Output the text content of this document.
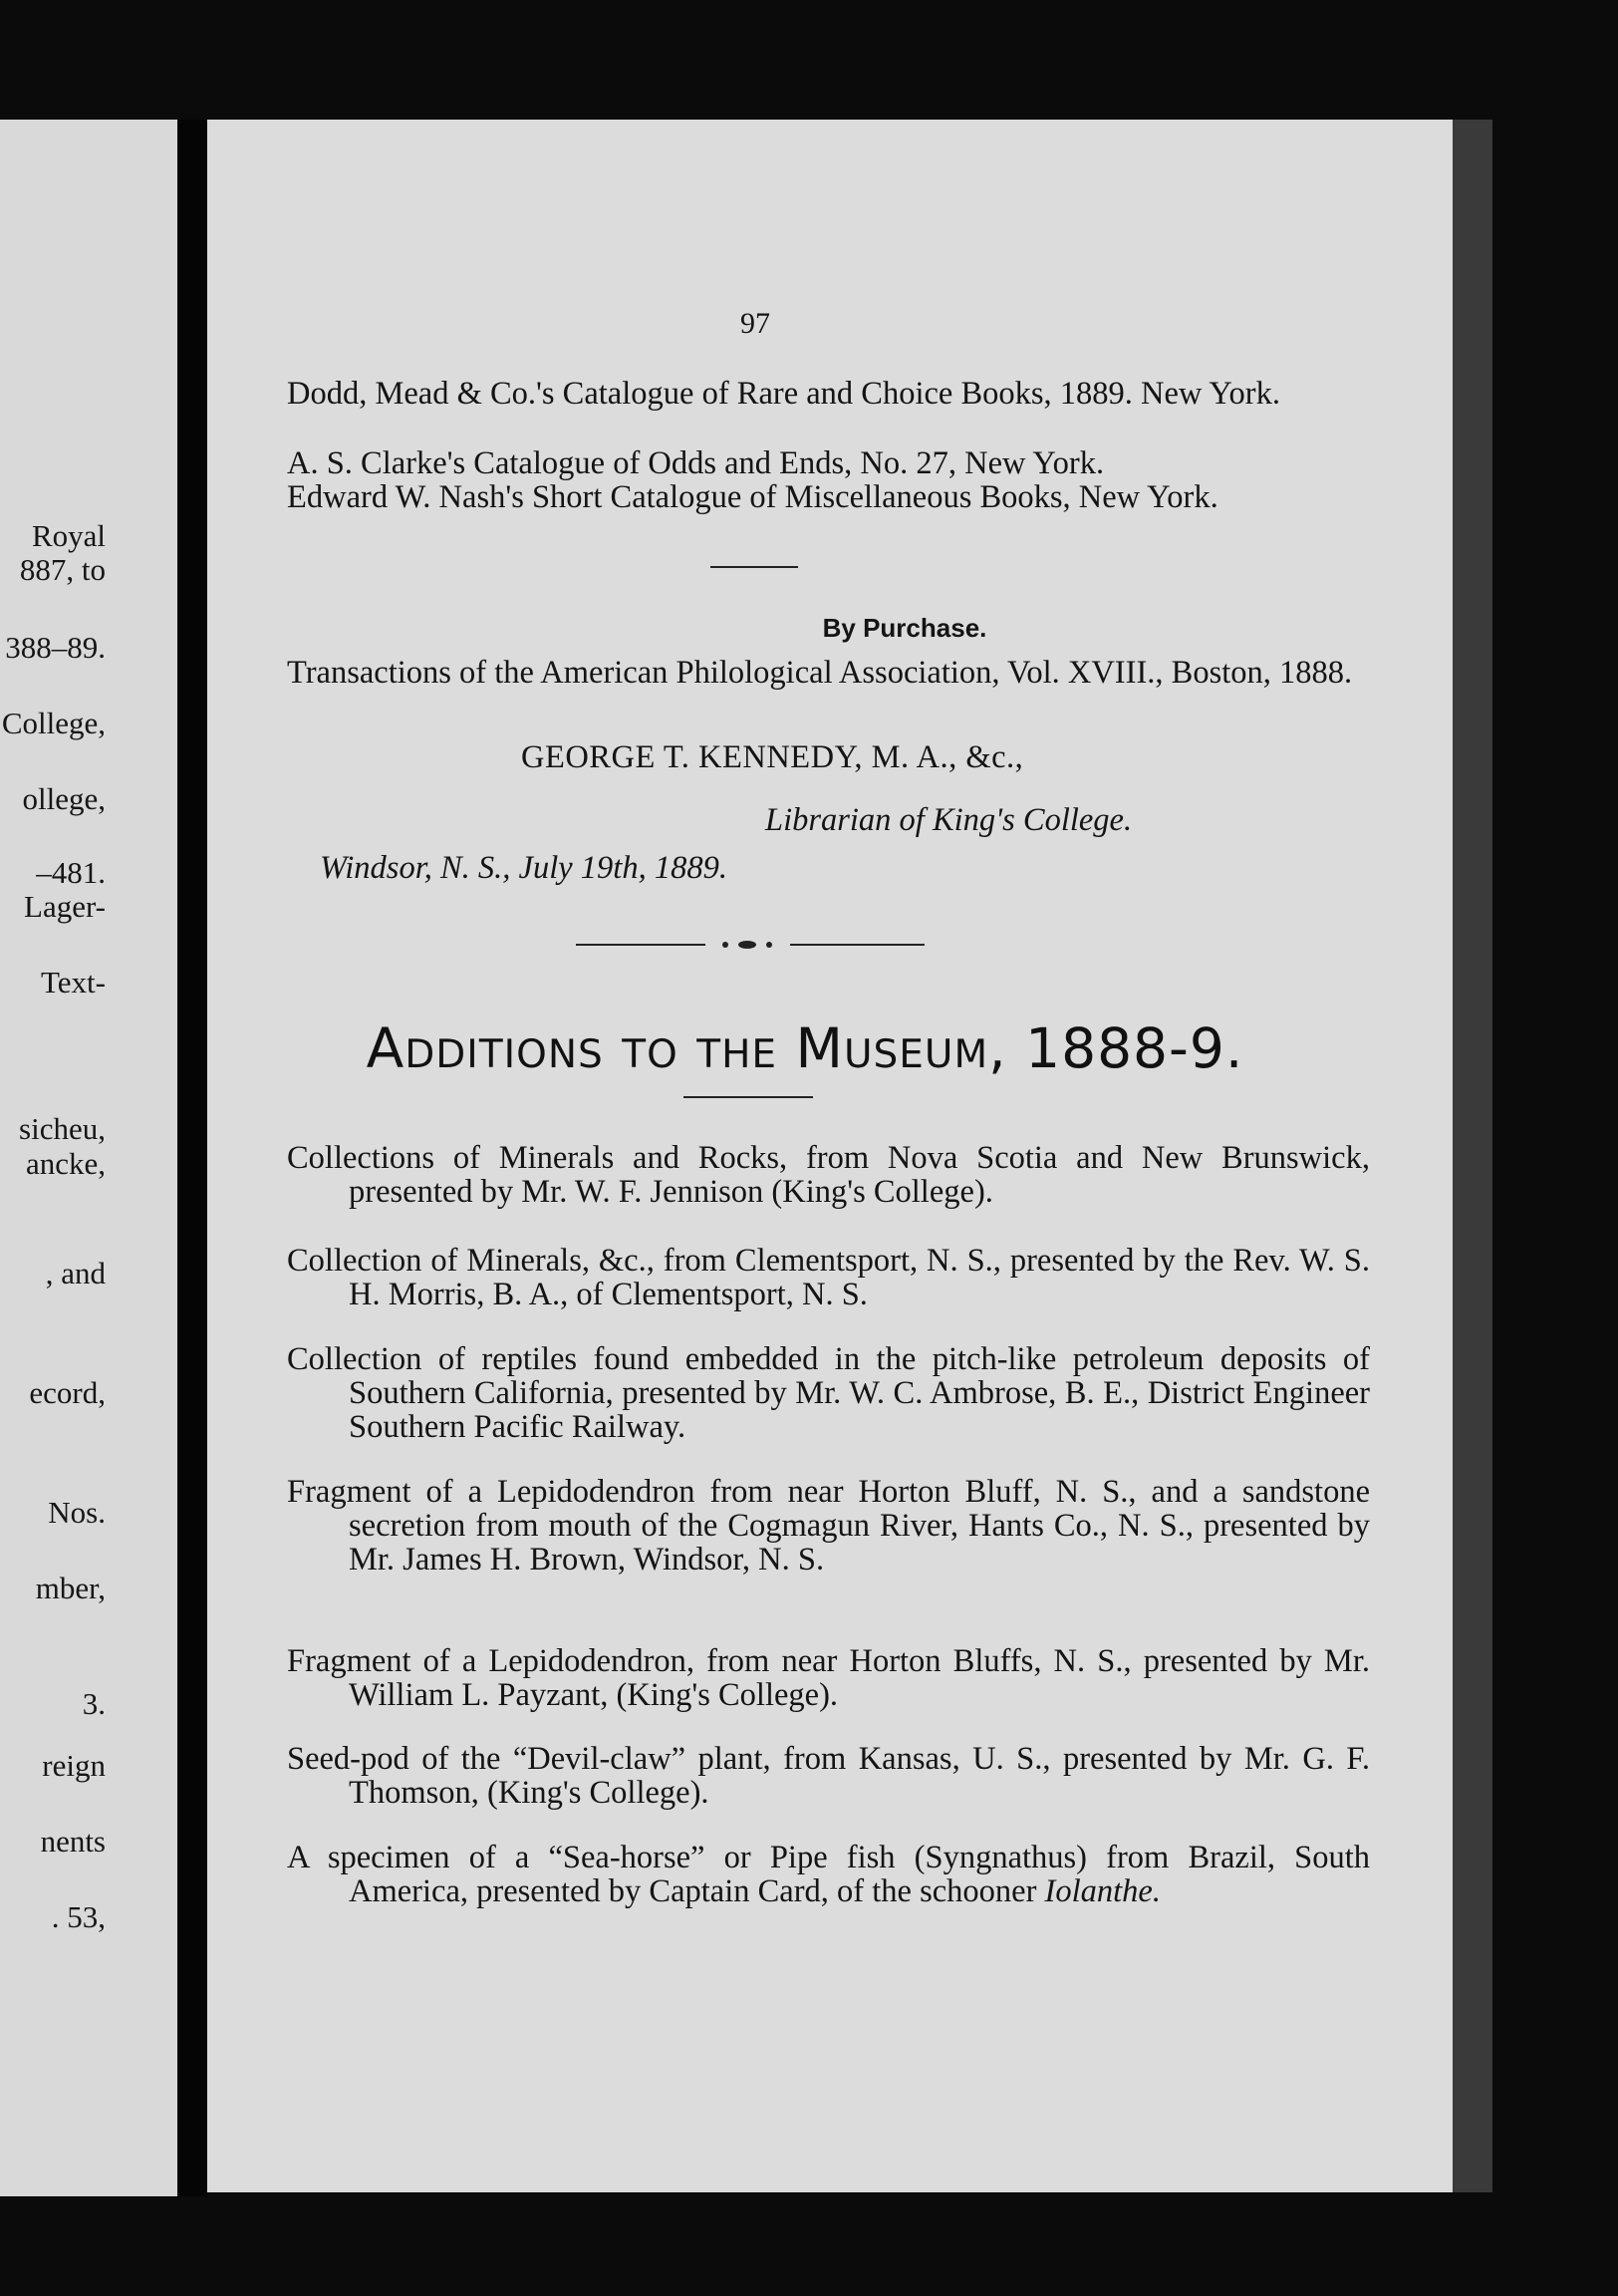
Royal
887, to
388–89.
College,
ollege,
–481.
Lager-
Text-
sicheu,
ancke,
, and
ecord,
Nos.
mber,
3.
reign
nents
. 53,
97
Dodd, Mead & Co.'s Catalogue of Rare and Choice Books, 1889. New York.
A. S. Clarke's Catalogue of Odds and Ends, No. 27, New York.
Edward W. Nash's Short Catalogue of Miscellaneous Books, New York.
By Purchase.
Transactions of the American Philological Association, Vol. XVIII., Boston, 1888.
GEORGE T. KENNEDY, M. A., &c.,
Librarian of King's College.
Windsor, N. S., July 19th, 1889.
Additions to the Museum, 1888-9.
Collections of Minerals and Rocks, from Nova Scotia and New Brunswick, presented by Mr. W. F. Jennison (King's College).
Collection of Minerals, &c., from Clementsport, N. S., presented by the Rev. W. S. H. Morris, B. A., of Clementsport, N. S.
Collection of reptiles found embedded in the pitch-like petroleum deposits of Southern California, presented by Mr. W. C. Ambrose, B. E., District Engineer Southern Pacific Railway.
Fragment of a Lepidodendron from near Horton Bluff, N. S., and a sandstone secretion from mouth of the Cogmagun River, Hants Co., N. S., presented by Mr. James H. Brown, Windsor, N. S.
Fragment of a Lepidodendron, from near Horton Bluffs, N. S., presented by Mr. William L. Payzant, (King's College).
Seed-pod of the “Devil-claw” plant, from Kansas, U. S., presented by Mr. G. F. Thomson, (King's College).
A specimen of a “Sea-horse” or Pipe fish (Syngnathus) from Brazil, South America, presented by Captain Card, of the schooner Iolanthe.
